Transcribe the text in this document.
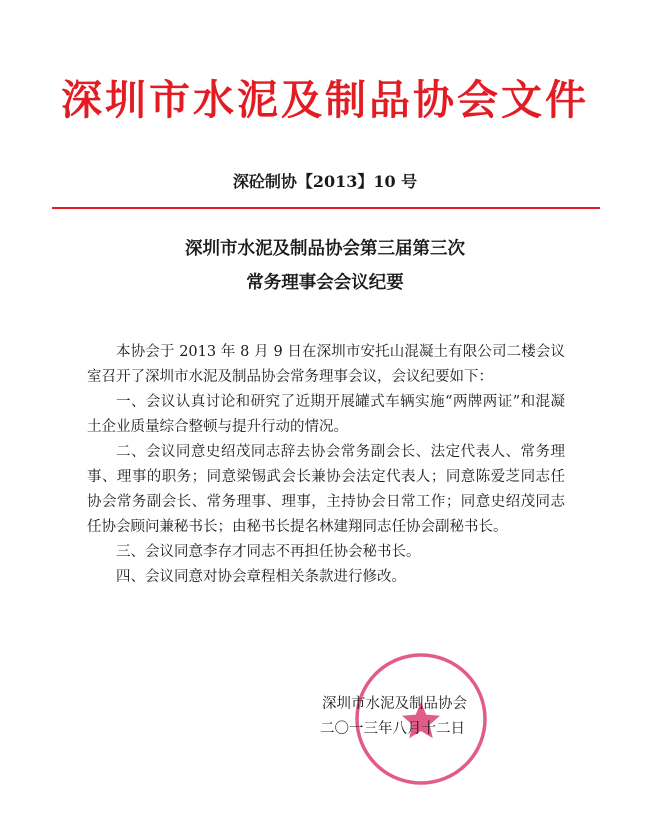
深圳市水泥及制品协会文件
深砼制协【2013】10 号
深圳市水泥及制品协会第三届第三次
常务理事会会议纪要

本协会于 2013 年 8 月 9 日在深圳市安托山混凝土有限公司二楼会议室召开了深圳市水泥及制品协会常务理事会议，会议纪要如下：

一、会议认真讨论和研究了近期开展罐式车辆实施“两牌两证”和混凝土企业质量综合整顿与提升行动的情况。

二、会议同意史绍茂同志辞去协会常务副会长、法定代表人、常务理事、理事的职务；同意梁锡武会长兼协会法定代表人；同意陈爱芝同志任协会常务副会长、常务理事、理事，主持协会日常工作；同意史绍茂同志任协会顾问兼秘书长；由秘书长提名林建翔同志任协会副秘书长。

三、会议同意李存才同志不再担任协会秘书长。

四、会议同意对协会章程相关条款进行修改。

深圳市水泥及制品协会
二〇一三年八月十二日
